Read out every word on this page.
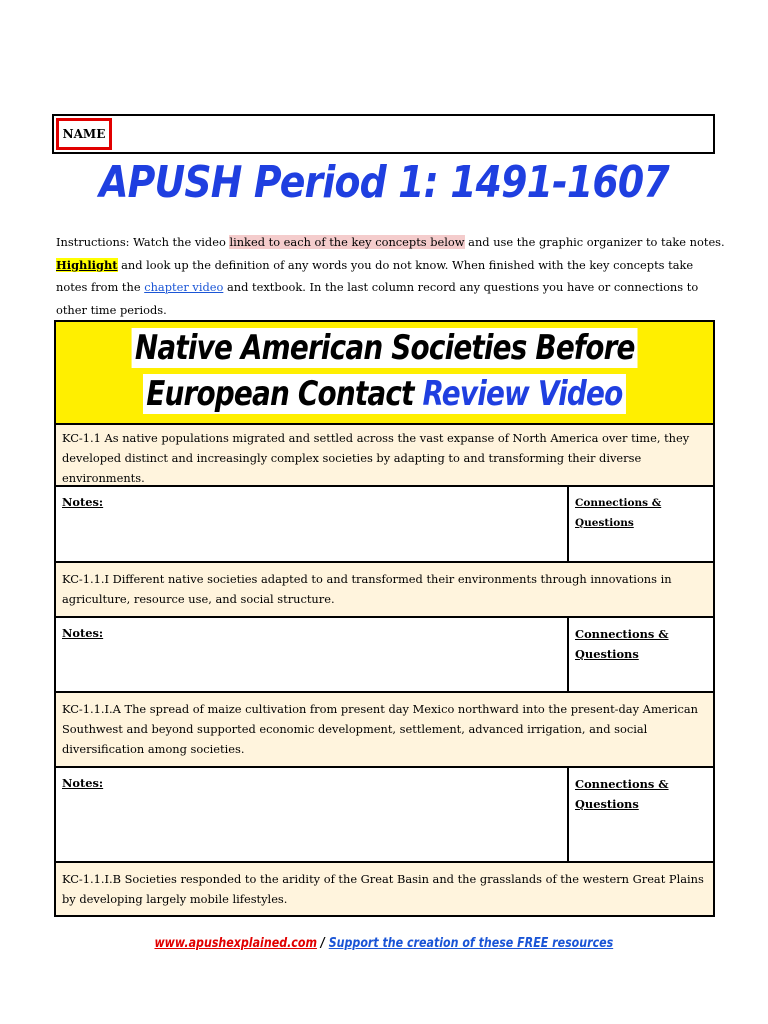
NAME
APUSH Period 1: 1491-1607
Instructions: Watch the video linked to each of the key concepts below and use the graphic organizer to take notes.
Highlight and look up the definition of any words you do not know. When finished with the key concepts take notes from the chapter video and textbook. In the last column record any questions you have or connections to other time periods.
Native American Societies Before
European Contact Review Video
KC-1.1 As native populations migrated and settled across the vast expanse of North America over time, they developed distinct and increasingly complex societies by adapting to and transforming their diverse environments.
Notes:	Connections & Questions
KC-1.1.I Different native societies adapted to and transformed their environments through innovations in agriculture, resource use, and social structure.
Notes:	Connections & Questions
KC-1.1.I.A The spread of maize cultivation from present day Mexico northward into the present-day American Southwest and beyond supported economic development, settlement, advanced irrigation, and social diversification among societies.
Notes:	Connections & Questions
KC-1.1.I.B Societies responded to the aridity of the Great Basin and the grasslands of the western Great Plains by developing largely mobile lifestyles.
www.apushexplained.com / Support the creation of these FREE resources
